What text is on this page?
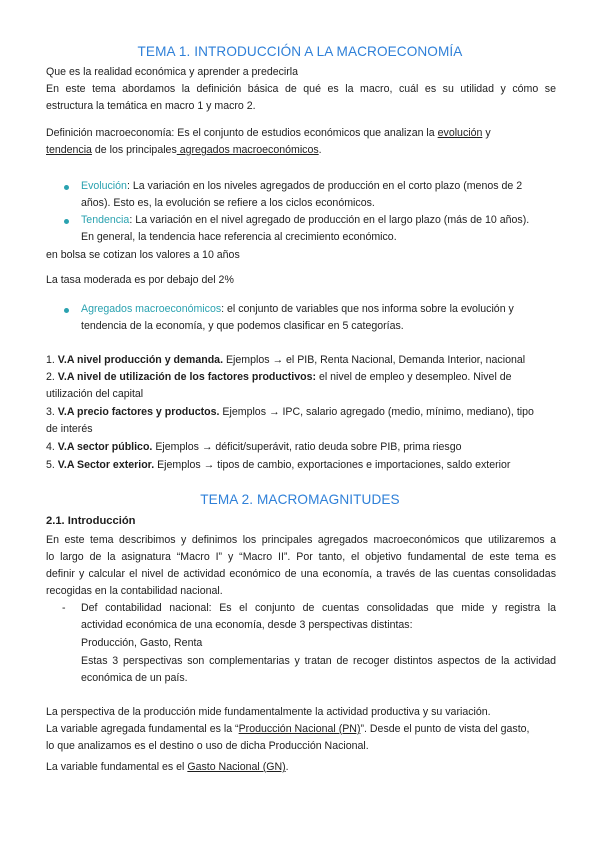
TEMA 1. INTRODUCCIÓN A LA MACROECONOMÍA
Que es la realidad económica y aprender a predecirla
En este tema abordamos la definición básica de qué es la macro, cuál es su utilidad y cómo se
estructura la temática en macro 1 y macro 2.
Definición macroeconomía: Es el conjunto de estudios económicos que analizan la evolución y
tendencia de los principales agregados macroeconómicos.
Evolución: La variación en los niveles agregados de producción en el corto plazo (menos de 2
años). Esto es, la evolución se refiere a los ciclos económicos.
Tendencia: La variación en el nivel agregado de producción en el largo plazo (más de 10 años).
En general, la tendencia hace referencia al crecimiento económico.
en bolsa se cotizan los valores a 10 años
La tasa moderada es por debajo del 2%
Agregados macroeconómicos: el conjunto de variables que nos informa sobre la evolución y
tendencia de la economía, y que podemos clasificar en 5 categorías.
1. V.A nivel producción y demanda. Ejemplos → el PIB, Renta Nacional, Demanda Interior, nacional
2. V.A nivel de utilización de los factores productivos: el nivel de empleo y desempleo. Nivel de
utilización del capital
3. V.A precio factores y productos. Ejemplos → IPC, salario agregado (medio, mínimo, mediano), tipo
de interés
4. V.A sector público. Ejemplos → déficit/superávit, ratio deuda sobre PIB, prima riesgo
5. V.A Sector exterior. Ejemplos → tipos de cambio, exportaciones e importaciones, saldo exterior
TEMA 2. MACROMAGNITUDES
2.1. Introducción
En este tema describimos y definimos los principales agregados macroeconómicos que utilizaremos a
lo largo de la asignatura “Macro I” y “Macro II”. Por tanto, el objetivo fundamental de este tema es
definir y calcular el nivel de actividad económico de una economía, a través de las cuentas consolidadas
recogidas en la contabilidad nacional.
- Def contabilidad nacional: Es el conjunto de cuentas consolidadas que mide y registra la
actividad económica de una economía, desde 3 perspectivas distintas:
Producción, Gasto, Renta
Estas 3 perspectivas son complementarias y tratan de recoger distintos aspectos de la actividad
económica de un país.
La perspectiva de la producción mide fundamentalmente la actividad productiva y su variación.
La variable agregada fundamental es la “Producción Nacional (PN)”. Desde el punto de vista del gasto,
lo que analizamos es el destino o uso de dicha Producción Nacional.
La variable fundamental es el Gasto Nacional (GN).
